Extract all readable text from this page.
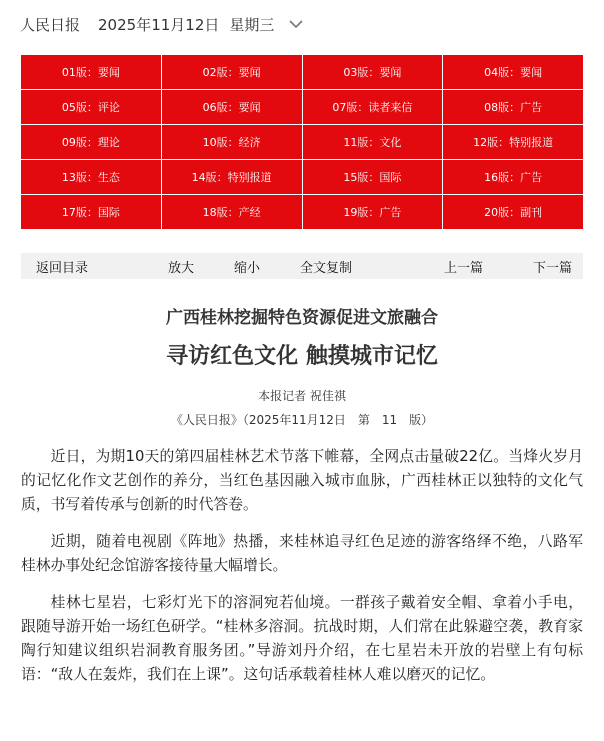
人民日报 2025年11月12日 星期三
01版：要闻	02版：要闻	03版：要闻	04版：要闻
05版：评论	06版：要闻	07版：读者来信	08版：广告
09版：理论	10版：经济	11版：文化	12版：特别报道
13版：生态	14版：特别报道	15版：国际	16版：广告
17版：国际	18版：产经	19版：广告	20版：副刊
返回目录	放大	缩小	全文复制	上一篇	下一篇
广西桂林挖掘特色资源促进文旅融合
寻访红色文化 触摸城市记忆
本报记者 祝佳祺
《人民日报》（2025年11月12日　第　11　版）

近日，为期10天的第四届桂林艺术节落下帷幕，全网点击量破22亿。当烽火岁月的记忆化作文艺创作的养分，当红色基因融入城市血脉，广西桂林正以独特的文化气质，书写着传承与创新的时代答卷。

近期，随着电视剧《阵地》热播，来桂林追寻红色足迹的游客络绎不绝，八路军桂林办事处纪念馆游客接待量大幅增长。

桂林七星岩，七彩灯光下的溶洞宛若仙境。一群孩子戴着安全帽、拿着小手电，跟随导游开始一场红色研学。“桂林多溶洞。抗战时期，人们常在此躲避空袭，教育家陶行知建议组织岩洞教育服务团。”导游刘丹介绍，在七星岩未开放的岩壁上有句标语：“敌人在轰炸，我们在上课”。这句话承载着桂林人难以磨灭的记忆。
